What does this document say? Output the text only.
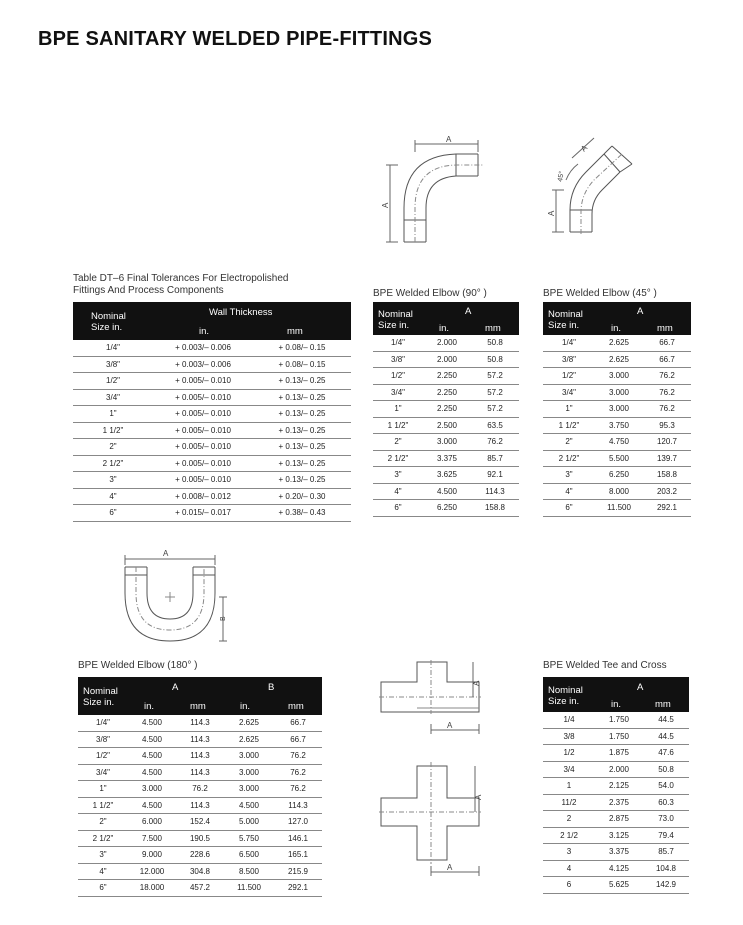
BPE SANITARY WELDED PIPE-FITTINGS
A
A
A
A
45°
A
B
A
A
A
A
Table DT–6 Final Tolerances For Electropolished
Fittings And Process Components
Nominal
Size in.
Wall Thickness
in.	mm
1/4"	+ 0.003/– 0.006	+ 0.08/– 0.15
3/8"	+ 0.003/– 0.006	+ 0.08/– 0.15
1/2"	+ 0.005/– 0.010	+ 0.13/– 0.25
3/4"	+ 0.005/– 0.010	+ 0.13/– 0.25
1"	+ 0.005/– 0.010	+ 0.13/– 0.25
1 1/2"	+ 0.005/– 0.010	+ 0.13/– 0.25
2"	+ 0.005/– 0.010	+ 0.13/– 0.25
2 1/2"	+ 0.005/– 0.010	+ 0.13/– 0.25
3"	+ 0.005/– 0.010	+ 0.13/– 0.25
4"	+ 0.008/– 0.012	+ 0.20/– 0.30
6"	+ 0.015/– 0.017	+ 0.38/– 0.43
BPE Welded Elbow (90° )
Nominal
Size in.
A
in.	mm
1/4"	2.000	50.8
3/8"	2.000	50.8
1/2"	2.250	57.2
3/4"	2.250	57.2
1"	2.250	57.2
1 1/2"	2.500	63.5
2"	3.000	76.2
2 1/2"	3.375	85.7
3"	3.625	92.1
4"	4.500	114.3
6"	6.250	158.8
BPE Welded Elbow (45° )
Nominal
Size in.
A
in.	mm
1/4"	2.625	66.7
3/8"	2.625	66.7
1/2"	3.000	76.2
3/4"	3.000	76.2
1"	3.000	76.2
1 1/2"	3.750	95.3
2"	4.750	120.7
2 1/2"	5.500	139.7
3"	6.250	158.8
4"	8.000	203.2
6"	11.500	292.1
BPE Welded Elbow (180° )
Nominal
Size in.
A	B
in.	mm	in.	mm
1/4"	4.500	114.3	2.625	66.7
3/8"	4.500	114.3	2.625	66.7
1/2"	4.500	114.3	3.000	76.2
3/4"	4.500	114.3	3.000	76.2
1"	3.000	76.2	3.000	76.2
1 1/2"	4.500	114.3	4.500	114.3
2"	6.000	152.4	5.000	127.0
2 1/2"	7.500	190.5	5.750	146.1
3"	9.000	228.6	6.500	165.1
4"	12.000	304.8	8.500	215.9
6"	18.000	457.2	11.500	292.1
BPE Welded Tee and Cross
Nominal
Size in.
A
in.	mm
1/4	1.750	44.5
3/8	1.750	44.5
1/2	1.875	47.6
3/4	2.000	50.8
1	2.125	54.0
11/2	2.375	60.3
2	2.875	73.0
2 1/2	3.125	79.4
3	3.375	85.7
4	4.125	104.8
6	5.625	142.9
